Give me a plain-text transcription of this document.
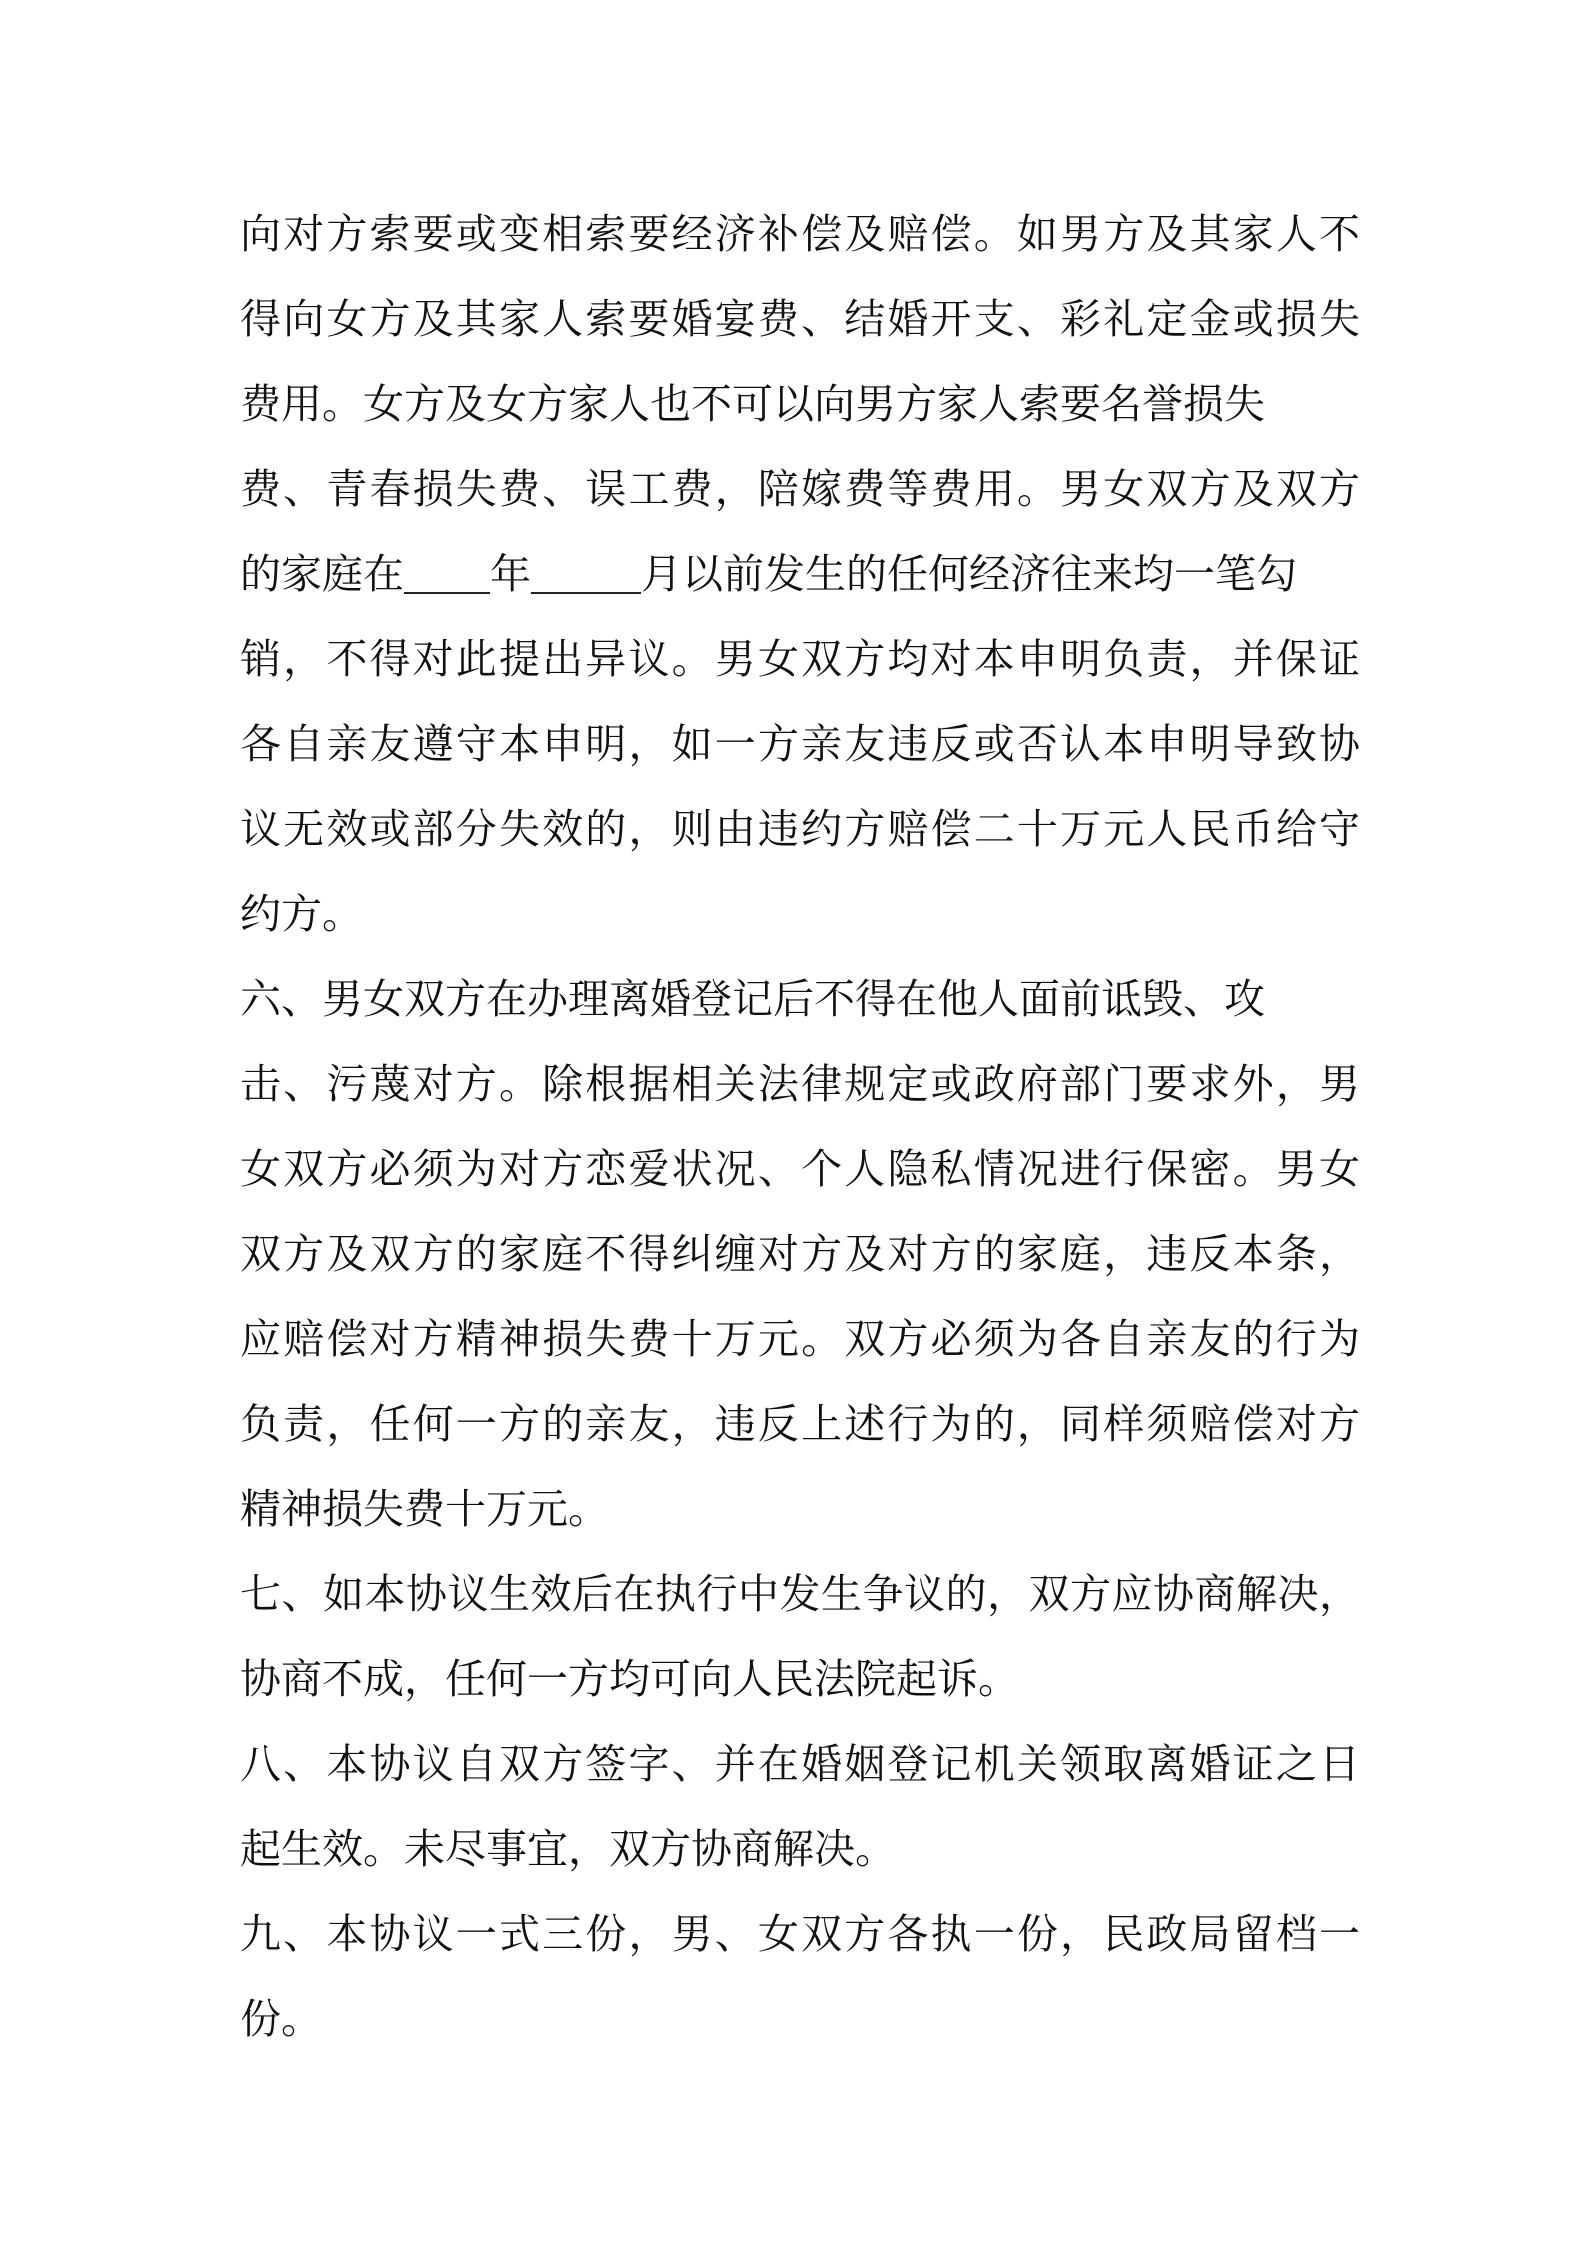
向对方索要或变相索要经济补偿及赔偿。如男方及其家人不
得向女方及其家人索要婚宴费、结婚开支、彩礼定金或损失
费用。女方及女方家人也不可以向男方家人索要名誉损失
费、青春损失费、误工费，陪嫁费等费用。男女双方及双方
的家庭在 年	月以前发生的任何经济往来均一笔勾
销，不得对此提出异议。男女双方均对本申明负责，并保证
各自亲友遵守本申明，如一方亲友违反或否认本申明导致协
议无效或部分失效的，则由违约方赔偿二十万元人民币给守
约方。
六、男女双方在办理离婚登记后不得在他人面前诋毁、攻
击、污蔑对方。除根据相关法律规定或政府部门要求外，男
女双方必须为对方恋爱状况、个人隐私情况进行保密。男女
双方及双方的家庭不得纠缠对方及对方的家庭，违反本条，
应赔偿对方精神损失费十万元。双方必须为各自亲友的行为
负责，任何一方的亲友，违反上述行为的，同样须赔偿对方
精神损失费十万元。
七、如本协议生效后在执行中发生争议的，双方应协商解决，
协商不成，任何一方均可向人民法院起诉。
八、本协议自双方签字、并在婚姻登记机关领取离婚证之日
起生效。未尽事宜，双方协商解决。
九、本协议一式三份，男、女双方各执一份，民政局留档一
份。
